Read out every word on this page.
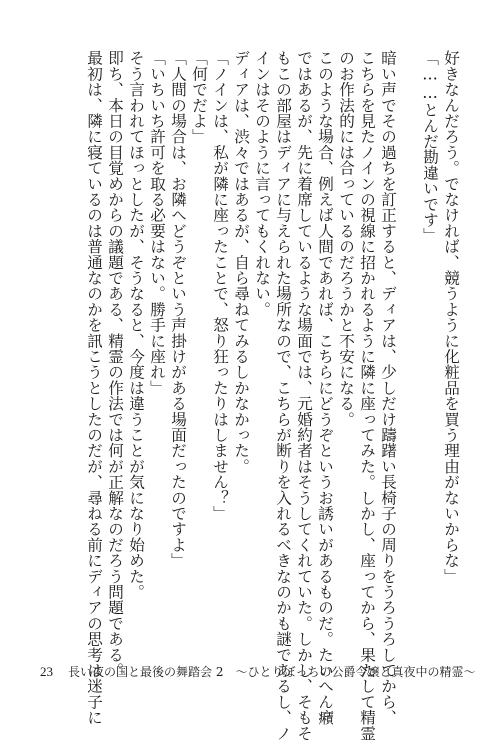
好きなんだろう。でなければ、競うように化粧品を買う理由がないからな」
「……とんだ勘違いです」
暗い声でその過ちを訂正すると、ディアは、少しだけ躊躇い長椅子の周りをうろうろしてから、
こちらを見たノインの視線に招かれるように隣に座ってみた。しかし、座ってから、果たして精霊
のお作法的には合っているのだろうかと不安になる。
このような場合、例えば人間であれば、こちらにどうぞというお誘いがあるものだ。たいへん癪
ではあるが、先に着席しているような場面では、元婚約者はそうしてくれていた。しかし、そもそ
もこの部屋はディアに与えられた場所なので、こちらが断りを入れるべきなのかも謎であるし、ノ
インはそのように言ってもくれない。
ディアは、渋々ではあるが、自ら尋ねてみるしかなかった。
「ノインは、私が隣に座ったことで、怒り狂ったりはしません？」
「何でだよ」
「人間の場合は、お隣へどうぞという声掛けがある場面だったのですよ」
「いちいち許可を取る必要はない。勝手に座れ」
そう言われてほっとしたが、そうなると、今度は違うことが気になり始めた。
即ち、本日の目覚めからの議題である、精霊の作法では何が正解なのだろう問題である。
最初は、隣に寝ているのは普通なのかを訊こうとしたのだが、尋ねる前にディアの思考は迷子に
23 長い夜の国と最後の舞踏会 2　～ひとりぼっちの公爵令嬢と真夜中の精霊～
